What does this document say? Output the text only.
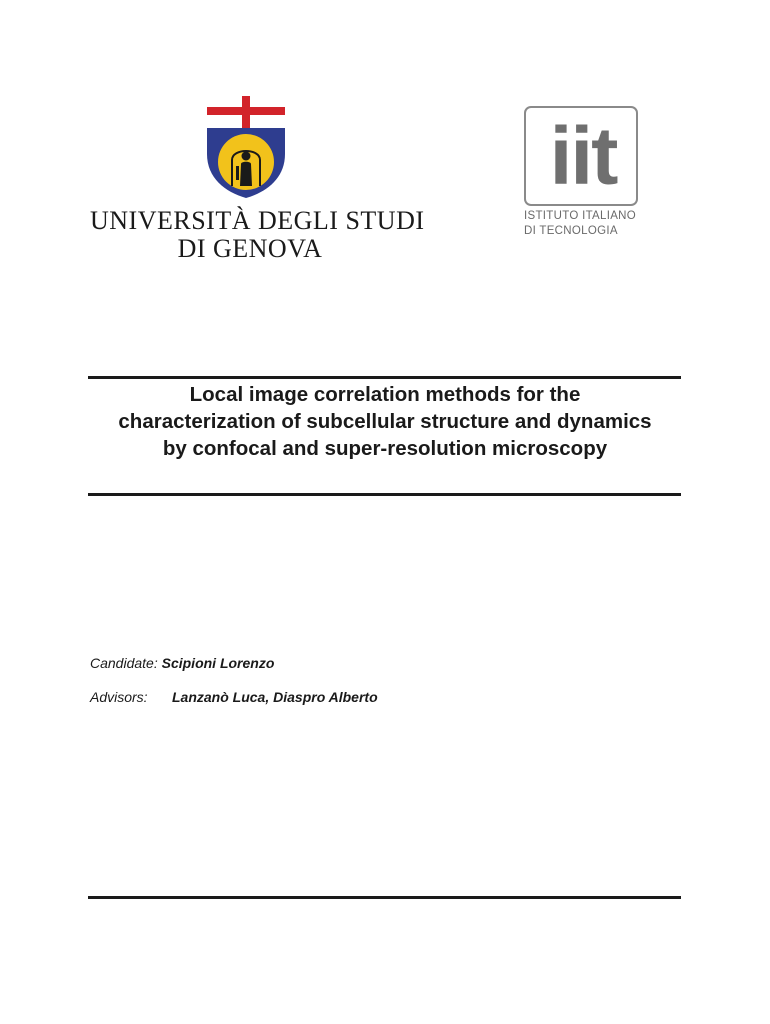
UNIVERSITÀ DEGLI STUDI
DI GENOVA
iit
ISTITUTO ITALIANO
DI TECNOLOGIA
Local image correlation methods for the characterization of subcellular structure and dynamics by confocal and super-resolution microscopy
Candidate: Scipioni Lorenzo
Advisors: Lanzanò Luca, Diaspro Alberto
